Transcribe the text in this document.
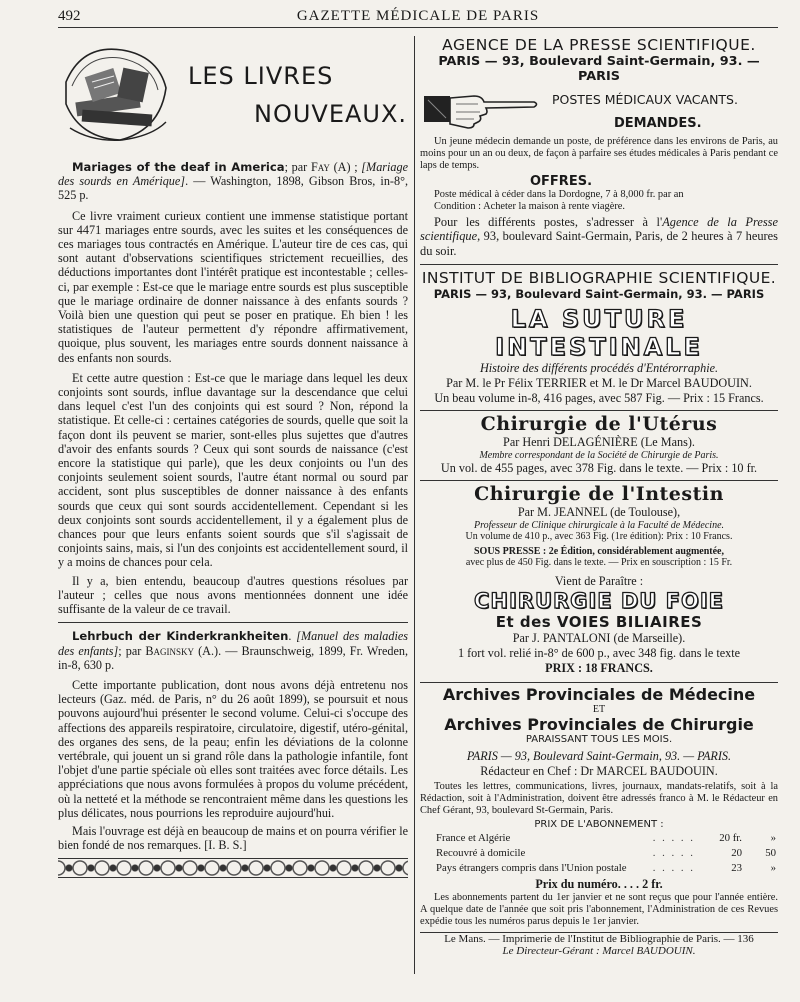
492	GAZETTE MÉDICALE DE PARIS
LES LIVRES
NOUVEAUX.

Mariages of the deaf in America; par Fay (A) ; [Mariage des sourds en Amérique]. — Washington, 1898, Gibson Bros, in-8°, 525 p.

Ce livre vraiment curieux contient une immense statistique portant sur 4471 mariages entre sourds, avec les suites et les conséquences de ces mariages tous contractés en Amérique. L'auteur tire de ces cas, qui sont autant d'observations scientifiques strictement recueillies, des déductions importantes dont l'intérêt pratique est incontestable ; celles-ci, par exemple : Est-ce que le mariage entre sourds est plus susceptible que le mariage ordinaire de donner naissance à des enfants sourds ? Voilà bien une question qui peut se poser en pratique. Eh bien ! les statistiques de l'auteur permettent d'y répondre affirmativement, quoique, plus souvent, les mariages entre sourds donnent naissance à des enfants non sourds.

Et cette autre question : Est-ce que le mariage dans lequel les deux conjoints sont sourds, influe davantage sur la descendance que celui dans lequel c'est l'un des conjoints qui est sourd ? Non, répond la statistique. Et celle-ci : certaines catégories de sourds, quelle que soit la façon dont ils peuvent se marier, sont-elles plus sujettes que d'autres d'avoir des enfants sourds ? Ceux qui sont sourds de naissance (c'est encore la statistique qui parle), que les deux conjoints ou l'un des conjoints seulement soient sourds, l'autre étant normal ou sourd par accident, sont plus susceptibles de donner naissance à des enfants sourds que ceux qui sont sourds accidentellement. Cependant si les deux conjoints sont sourds accidentellement, il y a également plus de chances pour que leurs enfants soient sourds que s'il s'agissait de conjoints sains, mais, si l'un des conjoints est accidentellement sourd, il y a moins de chances pour cela.

Il y a, bien entendu, beaucoup d'autres questions résolues par l'auteur ; celles que nous avons mentionnées donnent une idée suffisante de la valeur de ce travail.

Lehrbuch der Kinderkrankheiten. [Manuel des maladies des enfants]; par Baginsky (A.). — Braunschweig, 1899, Fr. Wreden, in-8, 630 p.

Cette importante publication, dont nous avons déjà entretenu nos lecteurs (Gaz. méd. de Paris, n° du 26 août 1899), se poursuit et nous pouvons aujourd'hui présenter le second volume. Celui-ci s'occupe des affections des appareils respiratoire, circulatoire, digestif, utéro-génital, des organes des sens, de la peau; enfin les déviations de la colonne vertébrale, qui jouent un si grand rôle dans la pathologie infantile, font l'objet d'une partie spéciale où elles sont traitées avec force détails. Les appréciations que nous avons formulées à propos du volume précédent, où la netteté et la méthode se rencontraient même dans les questions les plus délicates, nous pourrions les reproduire aujourd'hui.

Mais l'ouvrage est déjà en beaucoup de mains et on pourra vérifier le bien fondé de nos remarques. [I. B. S.]

AGENCE DE LA PRESSE SCIENTIFIQUE.
PARIS — 93, Boulevard Saint-Germain, 93. — PARIS
POSTES MÉDICAUX VACANTS.
DEMANDES.

Un jeune médecin demande un poste, de préférence dans les environs de Paris, au moins pour un an ou deux, de façon à parfaire ses études médicales à Paris pendant ce laps de temps.

OFFRES.

Poste médical à céder dans la Dordogne, 7 à 8,000 fr. par an

Condition : Acheter la maison à rente viagère.

Pour les différents postes, s'adresser à l'Agence de la Presse scientifique, 93, boulevard Saint-Germain, Paris, de 2 heures à 7 heures du soir.

INSTITUT DE BIBLIOGRAPHIE SCIENTIFIQUE.
PARIS — 93, Boulevard Saint-Germain, 93. — PARIS
LA SUTURE INTESTINALE
Histoire des différents procédés d'Entérorraphie.
Par M. le Pr Félix TERRIER et M. le Dr Marcel BAUDOUIN.
Un beau volume in-8, 416 pages, avec 587 Fig. — Prix : 15 Francs.
Chirurgie de l'Utérus
Par Henri DELAGÉNIÈRE (Le Mans).
Membre correspondant de la Société de Chirurgie de Paris.
Un vol. de 455 pages, avec 378 Fig. dans le texte. — Prix : 10 fr.
Chirurgie de l'Intestin
Par M. JEANNEL (de Toulouse),
Professeur de Clinique chirurgicale à la Faculté de Médecine.
Un volume de 410 p., avec 363 Fig. (1re édition): Prix : 10 Francs.
SOUS PRESSE : 2e Édition, considérablement augmentée,
avec plus de 450 Fig. dans le texte. — Prix en souscription : 15 Fr.
Vient de Paraître :
CHIRURGIE DU FOIE
Et des VOIES BILIAIRES
Par J. PANTALONI (de Marseille).
1 fort vol. relié in-8° de 600 p., avec 348 fig. dans le texte
PRIX : 18 FRANCS.
Archives Provinciales de Médecine
ET
Archives Provinciales de Chirurgie
PARAISSANT TOUS LES MOIS.
PARIS — 93, Boulevard Saint-Germain, 93. — PARIS.
Rédacteur en Chef : Dr MARCEL BAUDOUIN.

Toutes les lettres, communications, livres, journaux, mandats-relatifs, soit à la Rédaction, soit à l'Administration, doivent être adressés franco à M. le Rédacteur en Chef Gérant, 93, boulevard St-Germain, Paris.

PRIX DE L'ABONNEMENT :
France et Algérie	. . . . .	20 fr.	»
Recouvré à domicile	. . . . .	20	50
Pays étrangers compris dans l'Union postale	. . . . .	23	»
Prix du numéro. . . . 2 fr.

Les abonnements partent du 1er janvier et ne sont reçus que pour l'année entière. A quelque date de l'année que soit pris l'abonnement, l'Administration de ces Revues expédie tous les numéros parus depuis le 1er janvier.

Le Mans. — Imprimerie de l'Institut de Bibliographie de Paris. — 136
Le Directeur-Gérant : Marcel BAUDOUIN.
